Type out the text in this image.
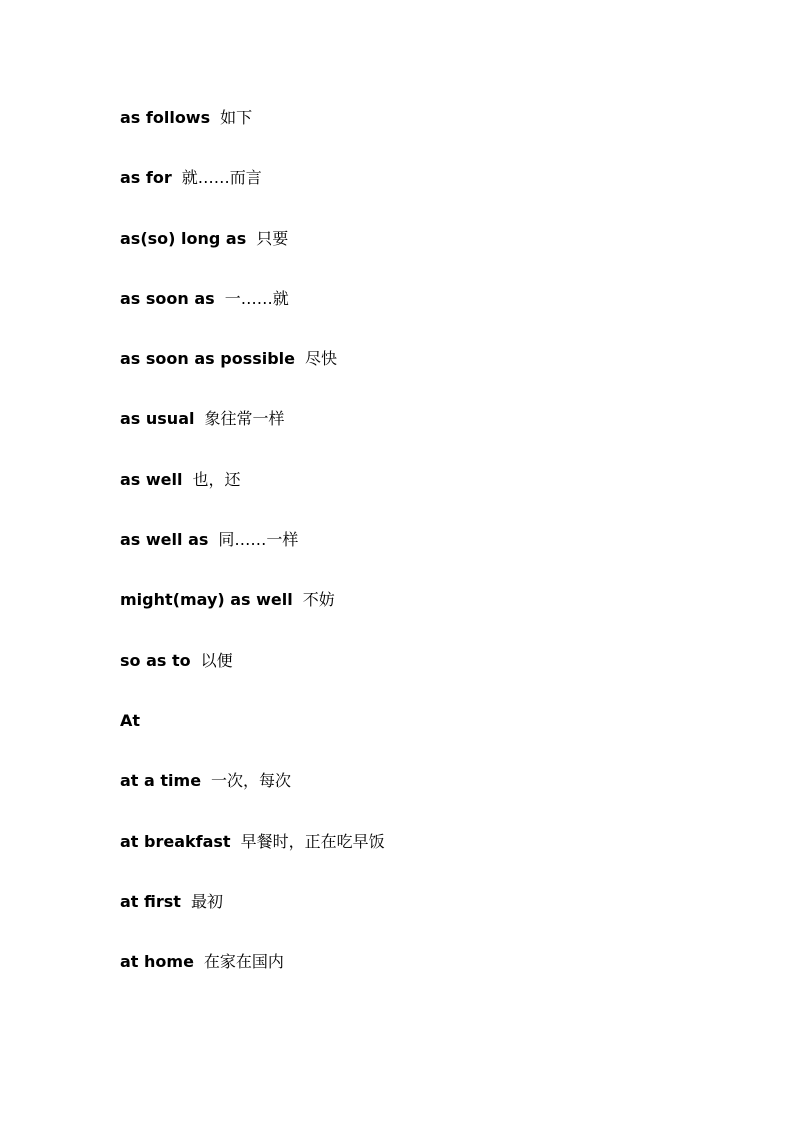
as follows 如下
as for 就……而言
as(so) long as 只要
as soon as 一……就
as soon as possible 尽快
as usual 象往常一样
as well 也，还
as well as 同……一样
might(may) as well 不妨
so as to 以便
At
at a time 一次，每次
at breakfast 早餐时，正在吃早饭
at first 最初
at home 在家在国内
